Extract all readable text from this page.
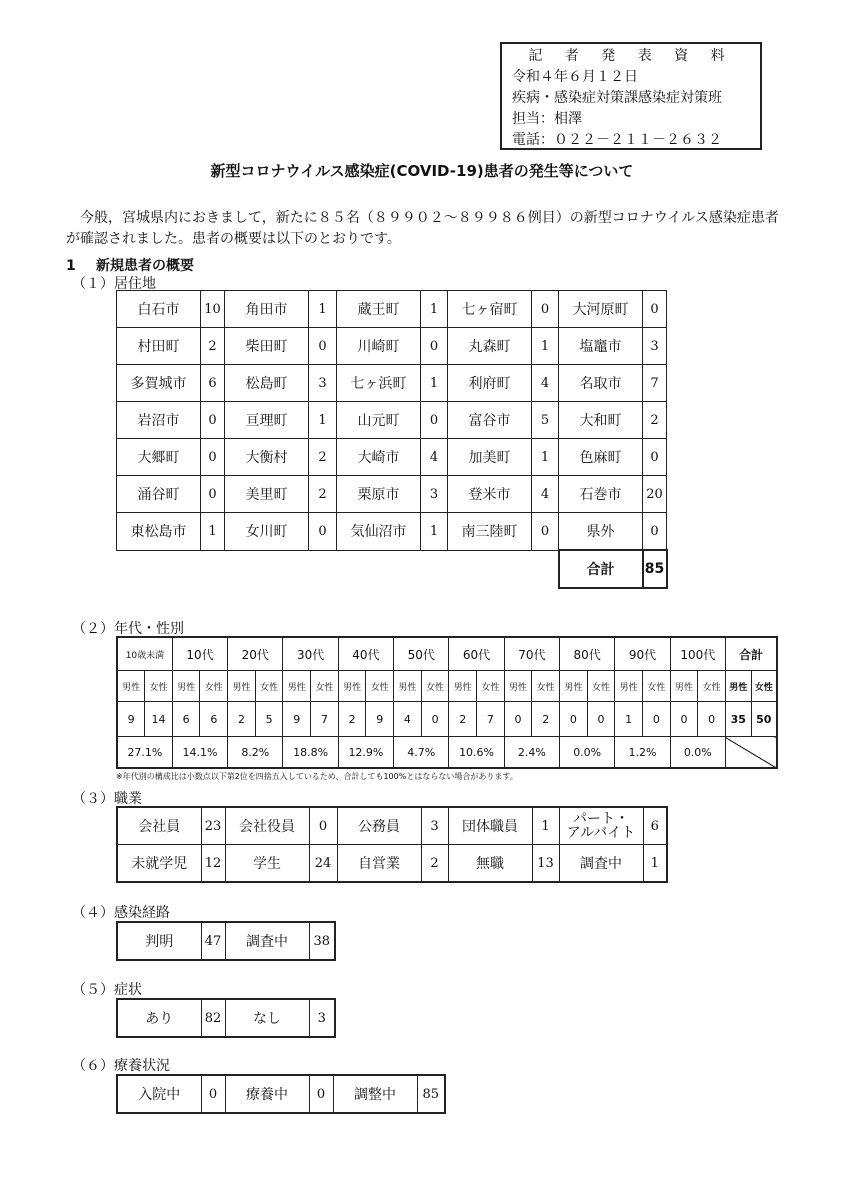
記 者 発 表 資 料
令和４年６月１２日
疾病・感染症対策課感染症対策班
担当：相澤
電話：０２２－２１１－２６３２
新型コロナウイルス感染症(COVID-19)患者の発生等について
今般，宮城県内におきまして，新たに８５名（８９９０２～８９９８６例目）の新型コロナウイルス感染症患者が確認されました。患者の概要は以下のとおりです。
1 新規患者の概要
（１）居住地
白石市	10	角田市	1	蔵王町	1	七ヶ宿町	0	大河原町	0
村田町	2	柴田町	0	川崎町	0	丸森町	1	塩竈市	3
多賀城市	6	松島町	3	七ヶ浜町	1	利府町	4	名取市	7
岩沼市	0	亘理町	1	山元町	0	富谷市	5	大和町	2
大郷町	0	大衡村	2	大崎市	4	加美町	1	色麻町	0
涌谷町	0	美里町	2	栗原市	3	登米市	4	石巻市	20
東松島市	1	女川町	0	気仙沼市	1	南三陸町	0	県外	0
								合計	85
（２）年代・性別
10歳未満		10代		20代		30代		40代		50代		60代		70代		80代		90代		100代		合計	
男性	女性	男性	女性	男性	女性	男性	女性	男性	女性	男性	女性	男性	女性	男性	女性	男性	女性	男性	女性	男性	女性	男性	女性
9	14	6	6	2	5	9	7	2	9	4	0	2	7	0	2	0	0	1	0	0	0	35	50
27.1%		14.1%		8.2%		18.8%		12.9%		4.7%		10.6%		2.4%		0.0%		1.2%		0.0%			
※年代別の構成比は小数点以下第2位を四捨五入しているため、合計しても100%とはならない場合があります。
（３）職業
会社員	23	会社役員	0	公務員	3	団体職員	1	パート・
アルバイト	6
未就学児	12	学生	24	自営業	2	無職	13	調査中	1
（４）感染経路
判明	47	調査中	38
（５）症状
あり	82	なし	3
（６）療養状況
入院中	0	療養中	0	調整中	85
